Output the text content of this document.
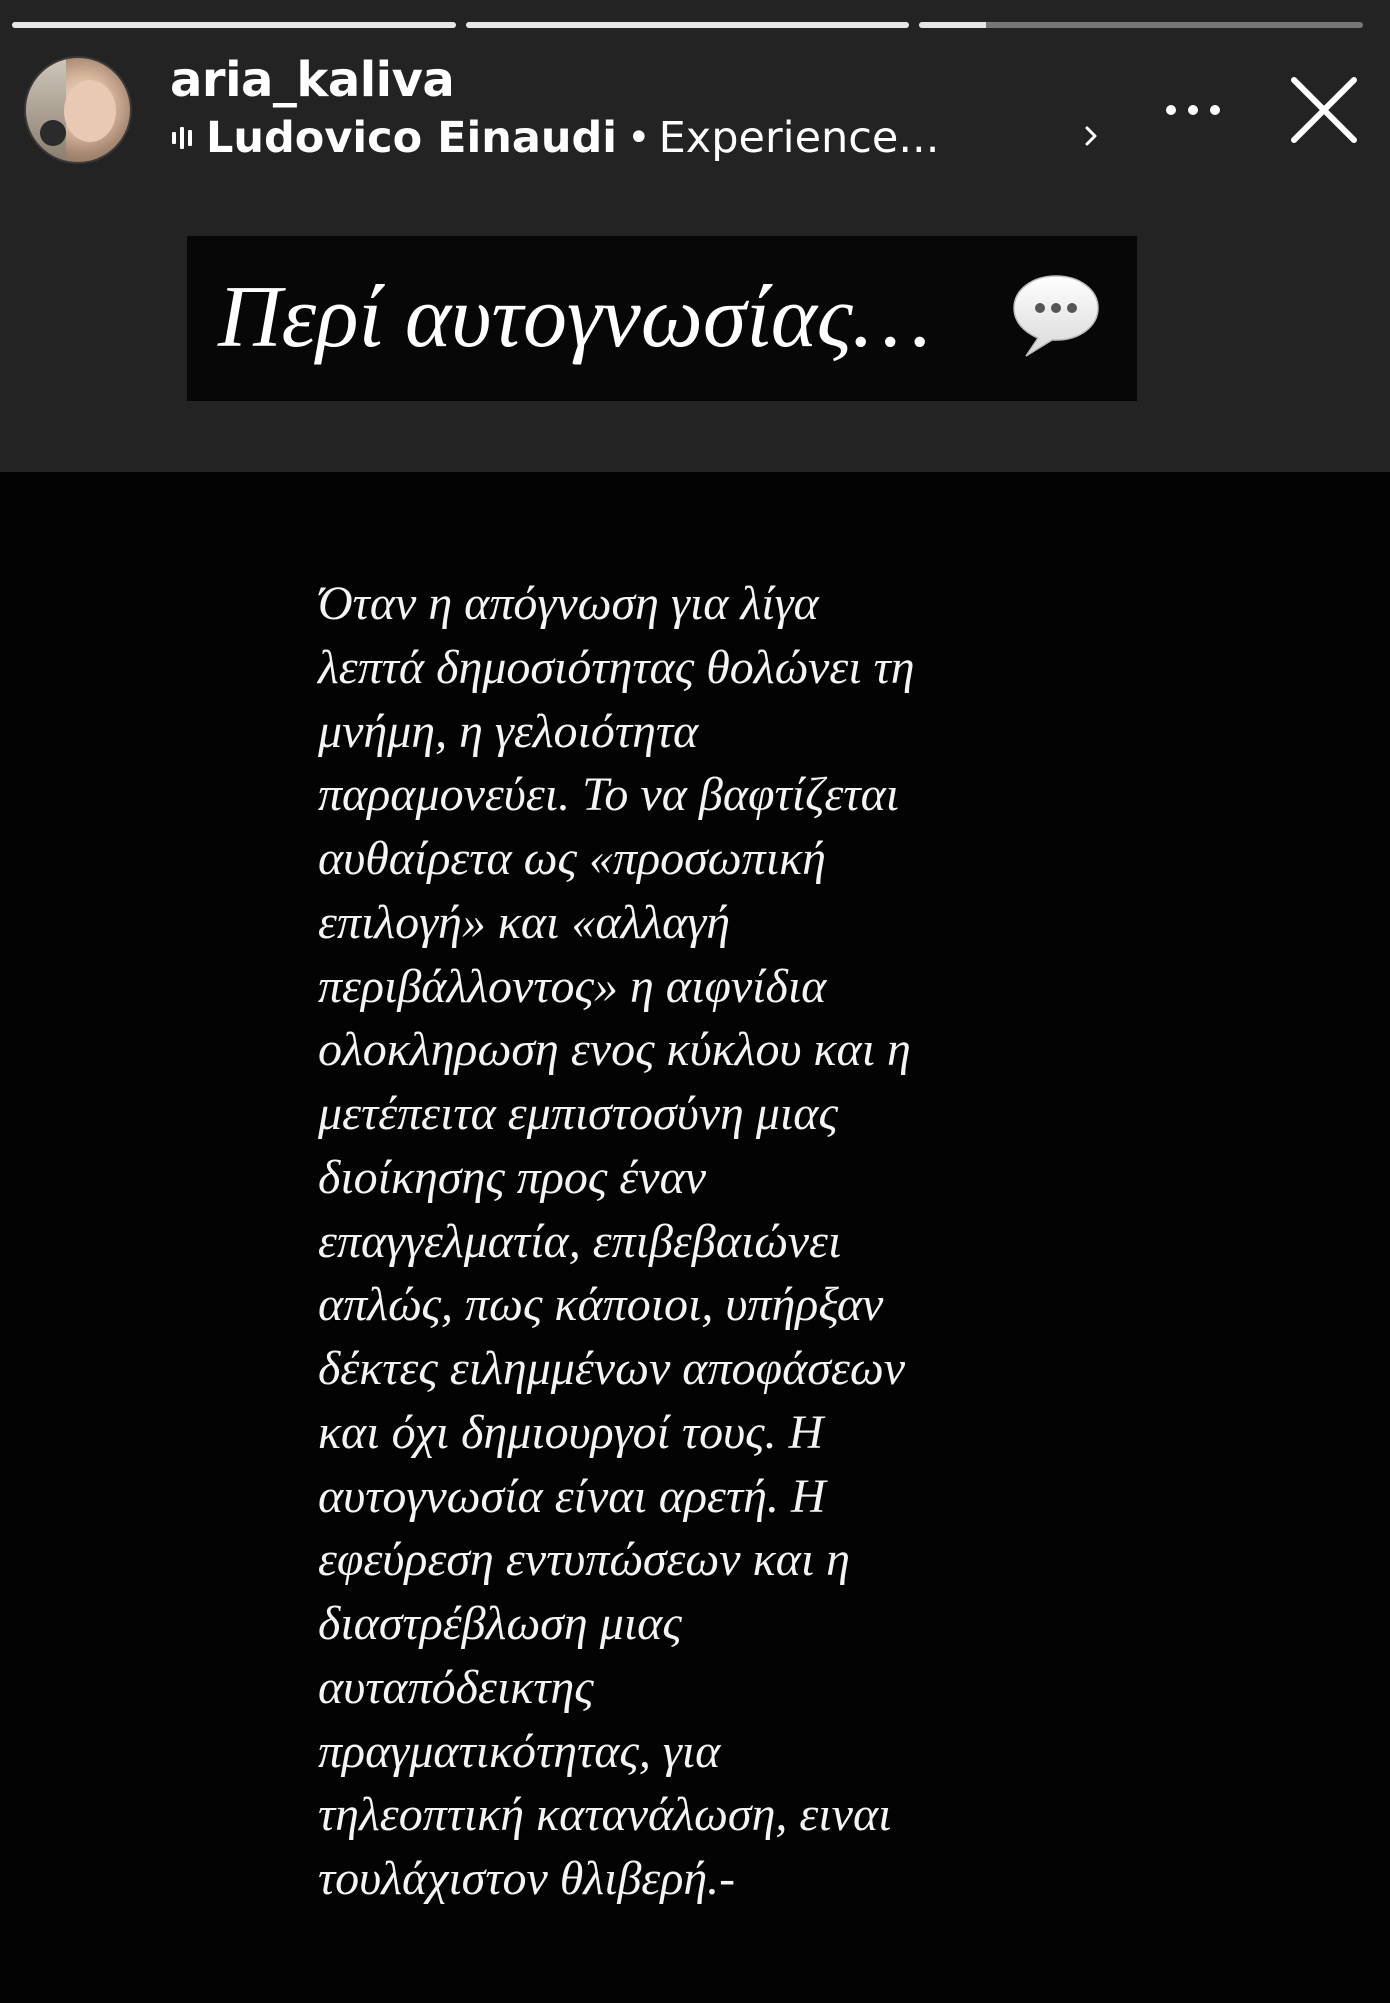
aria_kaliva
Ludovico Einaudi • Experience...
Περί αυτογνωσίας…
Όταν η απόγνωση για λίγα
λεπτά δημοσιότητας θολώνει τη
μνήμη, η γελοιότητα
παραμονεύει. Το να βαφτίζεται
αυθαίρετα ως «προσωπική
επιλογή» και «αλλαγή
περιβάλλοντος» η αιφνίδια
ολοκληρωση ενος κύκλου και η
μετέπειτα εμπιστοσύνη μιας
διοίκησης προς έναν
επαγγελματία, επιβεβαιώνει
απλώς, πως κάποιοι, υπήρξαν
δέκτες ειλημμένων αποφάσεων
και όχι δημιουργοί τους. Η
αυτογνωσία είναι αρετή. Η
εφεύρεση εντυπώσεων και η
διαστρέβλωση μιας
αυταπόδεικτης
πραγματικότητας, για
τηλεοπτική κατανάλωση, ειναι
τουλάχιστον θλιβερή.-
